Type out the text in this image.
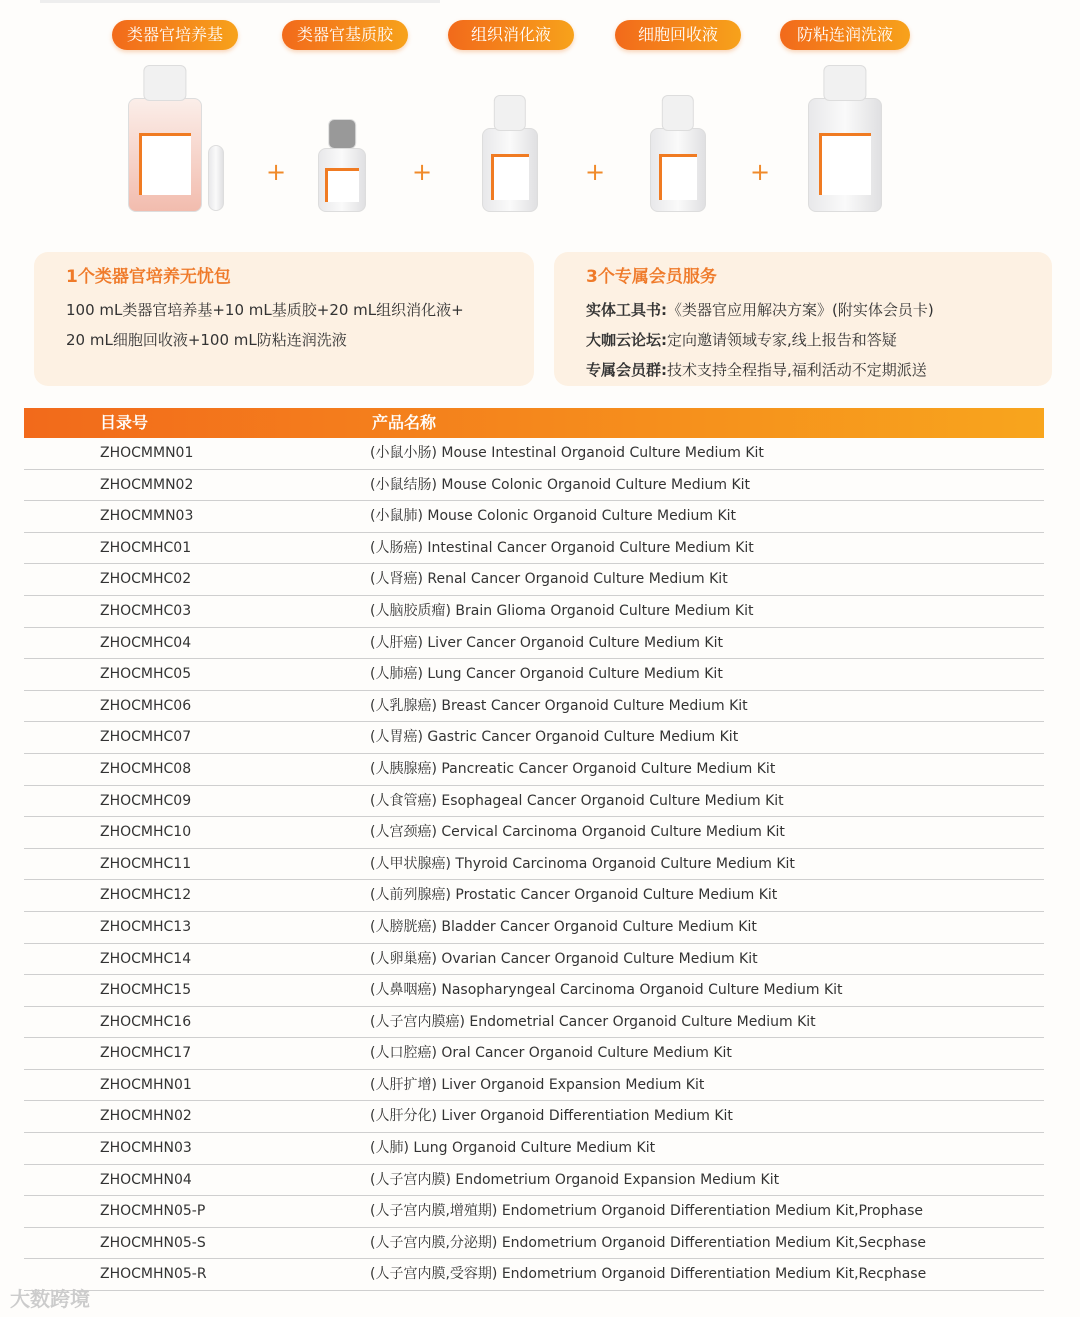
类器官培养基	类器官基质胶	组织消化液	细胞回收液	防粘连润洗液
+	+	+	+
1个类器官培养无忧包

100 mL类器官培养基+10 mL基质胶+20 mL组织消化液+

20 mL细胞回收液+100 mL防粘连润洗液

3个专属会员服务

实体工具书:《类器官应用解决方案》(附实体会员卡)

大咖云论坛:定向邀请领域专家,线上报告和答疑

专属会员群:技术支持全程指导,福利活动不定期派送

目录号	产品名称
ZHOCMMN01	(小鼠小肠) Mouse Intestinal Organoid Culture Medium Kit
ZHOCMMN02	(小鼠结肠) Mouse Colonic Organoid Culture Medium Kit
ZHOCMMN03	(小鼠肺) Mouse Colonic Organoid Culture Medium Kit
ZHOCMHC01	(人肠癌) Intestinal Cancer Organoid Culture Medium Kit
ZHOCMHC02	(人肾癌) Renal Cancer Organoid Culture Medium Kit
ZHOCMHC03	(人脑胶质瘤) Brain Glioma Organoid Culture Medium Kit
ZHOCMHC04	(人肝癌) Liver Cancer Organoid Culture Medium Kit
ZHOCMHC05	(人肺癌) Lung Cancer Organoid Culture Medium Kit
ZHOCMHC06	(人乳腺癌) Breast Cancer Organoid Culture Medium Kit
ZHOCMHC07	(人胃癌) Gastric Cancer Organoid Culture Medium Kit
ZHOCMHC08	(人胰腺癌) Pancreatic Cancer Organoid Culture Medium Kit
ZHOCMHC09	(人食管癌) Esophageal Cancer Organoid Culture Medium Kit
ZHOCMHC10	(人宫颈癌) Cervical Carcinoma Organoid Culture Medium Kit
ZHOCMHC11	(人甲状腺癌) Thyroid Carcinoma Organoid Culture Medium Kit
ZHOCMHC12	(人前列腺癌) Prostatic Cancer Organoid Culture Medium Kit
ZHOCMHC13	(人膀胱癌) Bladder Cancer Organoid Culture Medium Kit
ZHOCMHC14	(人卵巢癌) Ovarian Cancer Organoid Culture Medium Kit
ZHOCMHC15	(人鼻咽癌) Nasopharyngeal Carcinoma Organoid Culture Medium Kit
ZHOCMHC16	(人子宫内膜癌) Endometrial Cancer Organoid Culture Medium Kit
ZHOCMHC17	(人口腔癌) Oral Cancer Organoid Culture Medium Kit
ZHOCMHN01	(人肝扩增) Liver Organoid Expansion Medium Kit
ZHOCMHN02	(人肝分化) Liver Organoid Differentiation Medium Kit
ZHOCMHN03	(人肺) Lung Organoid Culture Medium Kit
ZHOCMHN04	(人子宫内膜) Endometrium Organoid Expansion Medium Kit
ZHOCMHN05-P	(人子宫内膜,增殖期) Endometrium Organoid Differentiation Medium Kit,Prophase
ZHOCMHN05-S	(人子宫内膜,分泌期) Endometrium Organoid Differentiation Medium Kit,Secphase
ZHOCMHN05-R	(人子宫内膜,受容期) Endometrium Organoid Differentiation Medium Kit,Recphase
大数跨境
